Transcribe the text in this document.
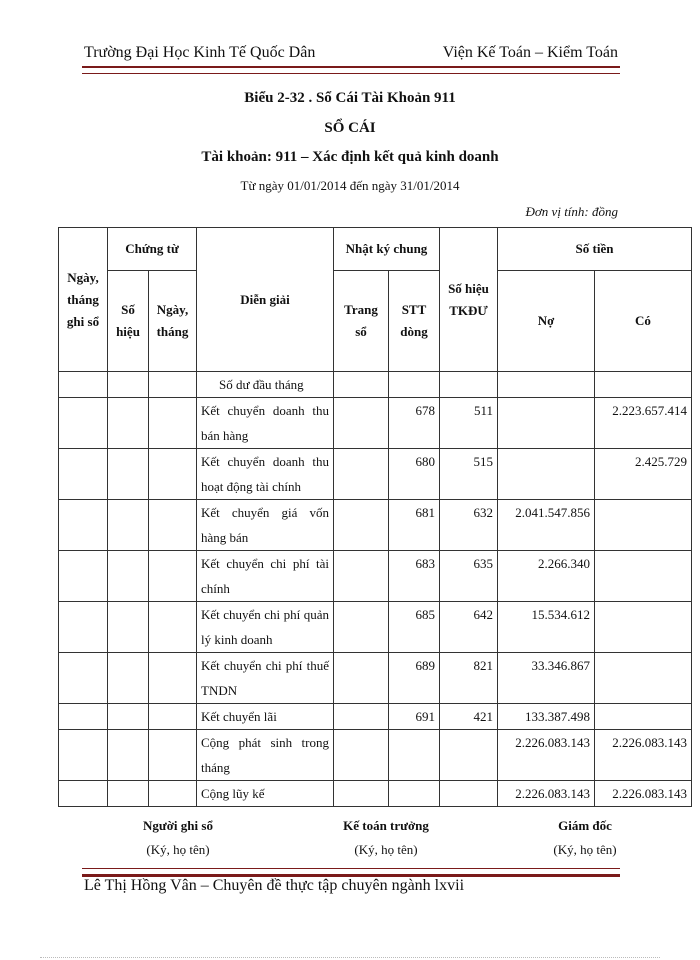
Trường Đại Học Kinh Tế Quốc Dân	Viện Kế Toán – Kiểm Toán
Biểu 2-32 . Sổ Cái Tài Khoản 911
SỔ CÁI
Tài khoản: 911 – Xác định kết quả kinh doanh
Từ ngày 01/01/2014 đến ngày 31/01/2014
Đơn vị tính: đồng
Ngày, tháng ghi sổ	Chứng từ		Diễn giải	Nhật ký chung		Số hiệu TKĐƯ	Số tiền	
	Số hiệu	Ngày, tháng		Trang sổ	STT dòng		Nợ	Có
			Số dư đầu tháng					
			Kết chuyển doanh thu bán hàng		678	511		2.223.657.414
			Kết chuyển doanh thu hoạt động tài chính		680	515		2.425.729
			Kết chuyển giá vốn hàng bán		681	632	2.041.547.856	
			Kết chuyển chi phí tài chính		683	635	2.266.340	
			Kết chuyển chi phí quản lý kinh doanh		685	642	15.534.612	
			Kết chuyển chi phí thuế TNDN		689	821	33.346.867	
			Kết chuyển lãi		691	421	133.387.498	
			Cộng phát sinh trong tháng				2.226.083.143	2.226.083.143
			Cộng lũy kế				2.226.083.143	2.226.083.143
Người ghi sổ
(Ký, họ tên)
Kế toán trưởng
(Ký, họ tên)
Giám đốc
(Ký, họ tên)
Lê Thị Hồng Vân – Chuyên đề thực tập chuyên ngành lxvii
